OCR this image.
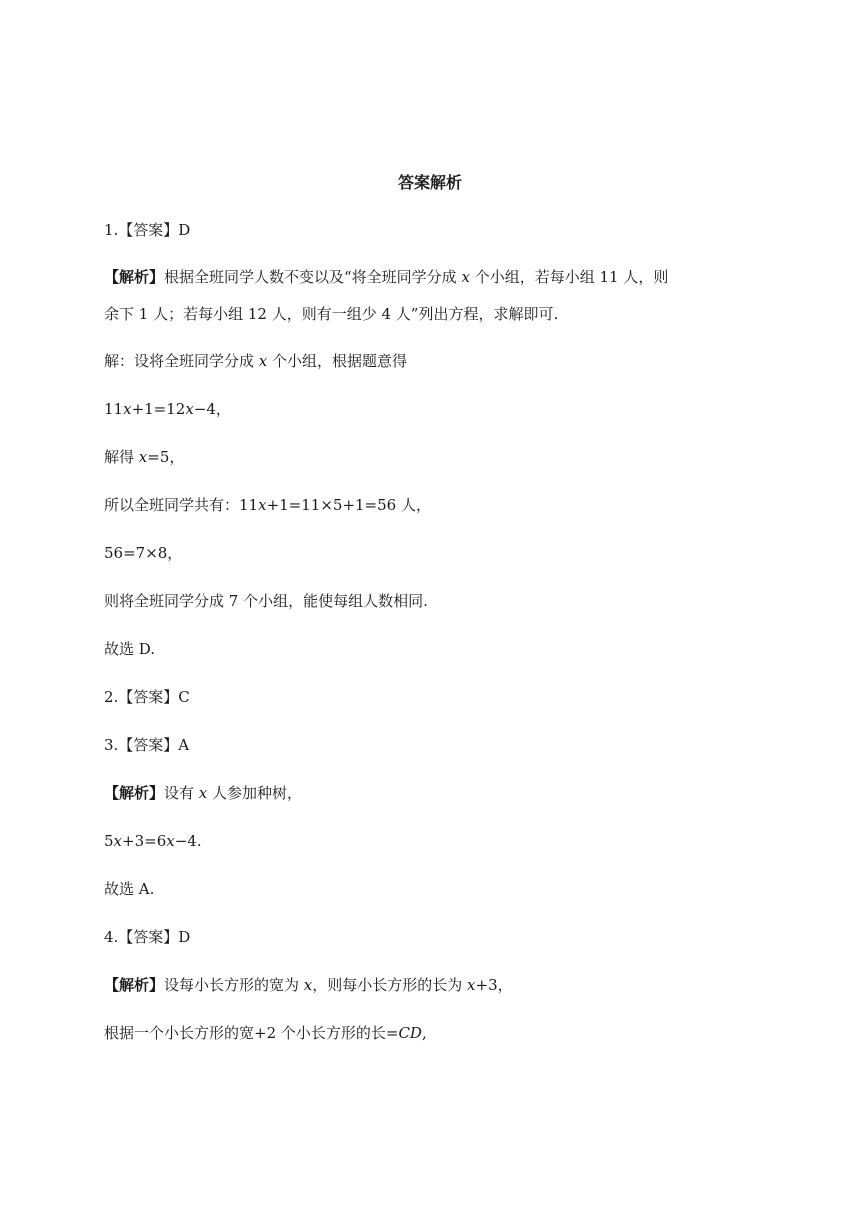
答案解析
1.【答案】D
【解析】根据全班同学人数不变以及“将全班同学分成 x 个小组，若每小组 11 人，则
余下 1 人；若每小组 12 人，则有一组少 4 人”列出方程，求解即可.
解：设将全班同学分成 x 个小组，根据题意得
11x+1=12x−4，
解得 x=5，
所以全班同学共有：11x+1=11×5+1=56 人，
56=7×8，
则将全班同学分成 7 个小组，能使每组人数相同.
故选 D.
2.【答案】C
3.【答案】A
【解析】设有 x 人参加种树，
5x+3=6x−4.
故选 A.
4.【答案】D
【解析】设每小长方形的宽为 x，则每小长方形的长为 x+3，
根据一个小长方形的宽+2 个小长方形的长=CD,
